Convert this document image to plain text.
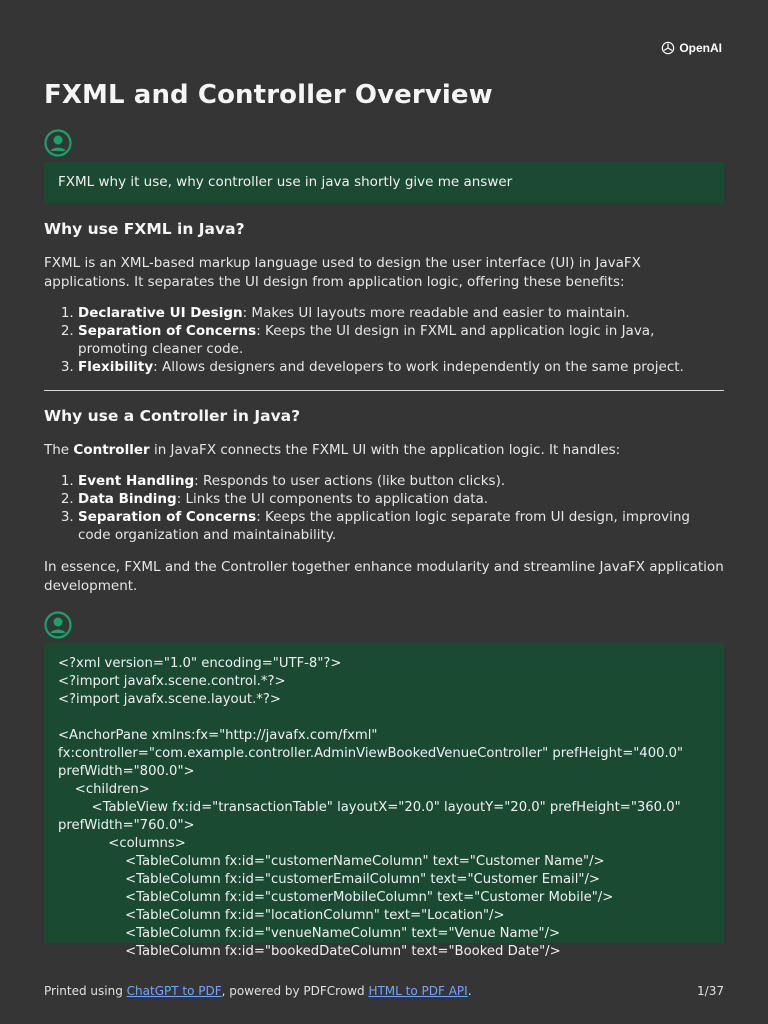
OpenAI
FXML and Controller Overview
FXML why it use, why controller use in java shortly give me answer
Why use FXML in Java?

FXML is an XML-based markup language used to design the user interface (UI) in JavaFX applications. It separates the UI design from application logic, offering these benefits:

1. Declarative UI Design: Makes UI layouts more readable and easier to maintain.
2. Separation of Concerns: Keeps the UI design in FXML and application logic in Java, promoting cleaner code.
3. Flexibility: Allows designers and developers to work independently on the same project.
Why use a Controller in Java?

The Controller in JavaFX connects the FXML UI with the application logic. It handles:

1. Event Handling: Responds to user actions (like button clicks).
2. Data Binding: Links the UI components to application data.
3. Separation of Concerns: Keeps the application logic separate from UI design, improving code organization and maintainability.

In essence, FXML and the Controller together enhance modularity and streamline JavaFX application development.

<?xml version="1.0" encoding="UTF-8"?>
<?import javafx.scene.control.*?>
<?import javafx.scene.layout.*?>
<AnchorPane xmlns:fx="http://javafx.com/fxml"
fx:controller="com.example.controller.AdminViewBookedVenueController" prefHeight="400.0"
prefWidth="800.0">
<children>
<TableView fx:id="transactionTable" layoutX="20.0" layoutY="20.0" prefHeight="360.0"
prefWidth="760.0">
<columns>
<TableColumn fx:id="customerNameColumn" text="Customer Name"/>
<TableColumn fx:id="customerEmailColumn" text="Customer Email"/>
<TableColumn fx:id="customerMobileColumn" text="Customer Mobile"/>
<TableColumn fx:id="locationColumn" text="Location"/>
<TableColumn fx:id="venueNameColumn" text="Venue Name"/>
<TableColumn fx:id="bookedDateColumn" text="Booked Date"/>
Printed using ChatGPT to PDF, powered by PDFCrowd HTML to PDF API.	1/37
